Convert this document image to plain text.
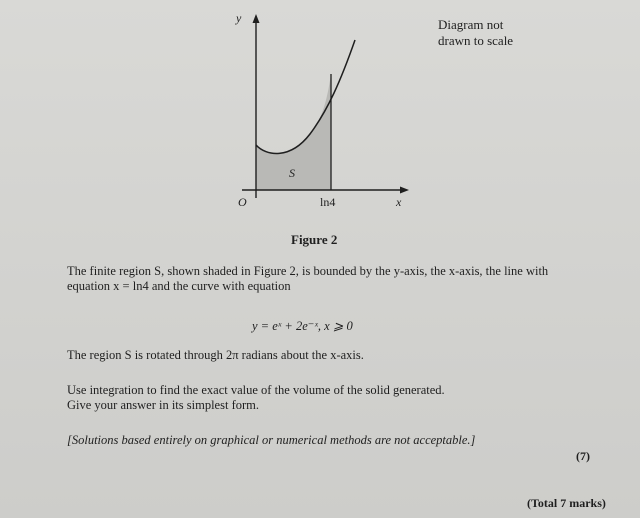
y
O
S
ln4	x
Diagram not
drawn to scale
Figure 2
The finite region S, shown shaded in Figure 2, is bounded by the y-axis, the x-axis, the line with equation x = ln4 and the curve with equation
y = eˣ + 2e⁻ˣ, x ⩾ 0
The region S is rotated through 2π radians about the x-axis.
Use integration to find the exact value of the volume of the solid generated.
Give your answer in its simplest form.
[Solutions based entirely on graphical or numerical methods are not acceptable.]
(7)
(Total 7 marks)
